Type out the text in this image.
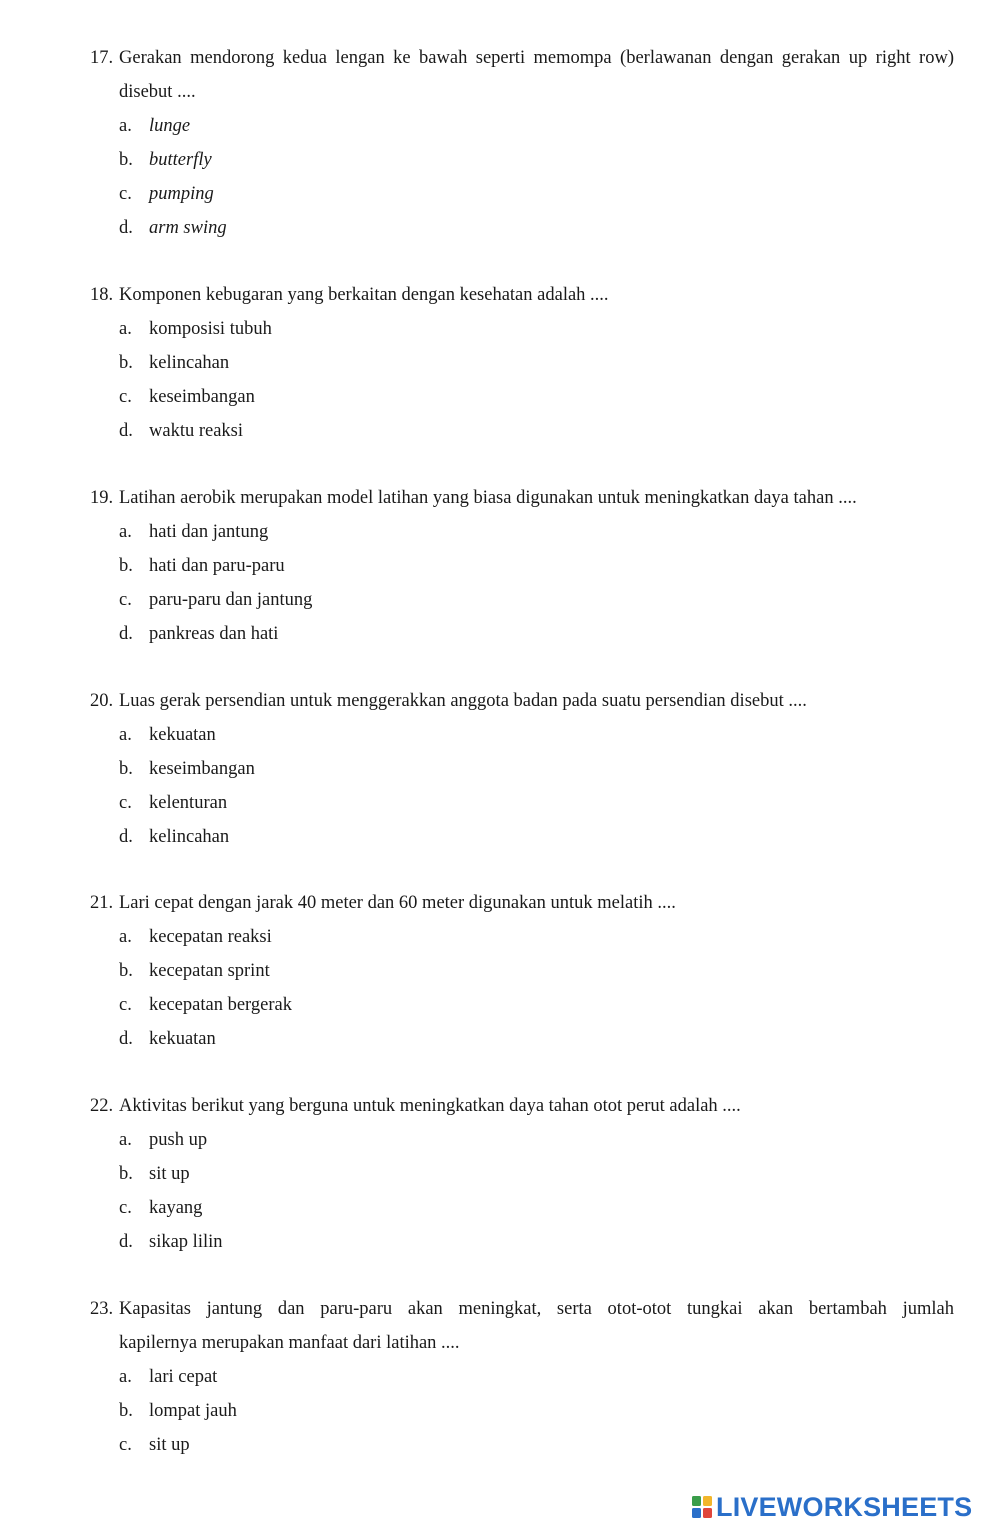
17. Gerakan mendorong kedua lengan ke bawah seperti memompa (berlawanan dengan gerakan up right row)
disebut ....
a. lunge
b. butterfly
c. pumping
d. arm swing
18. Komponen kebugaran yang berkaitan dengan kesehatan adalah ....
a. komposisi tubuh
b. kelincahan
c. keseimbangan
d. waktu reaksi
19. Latihan aerobik merupakan model latihan yang biasa digunakan untuk meningkatkan daya tahan ....
a. hati dan jantung
b. hati dan paru-paru
c. paru-paru dan jantung
d. pankreas dan hati
20. Luas gerak persendian untuk menggerakkan anggota badan pada suatu persendian disebut ....
a. kekuatan
b. keseimbangan
c. kelenturan
d. kelincahan
21. Lari cepat dengan jarak 40 meter dan 60 meter digunakan untuk melatih ....
a. kecepatan reaksi
b. kecepatan sprint
c. kecepatan bergerak
d. kekuatan
22. Aktivitas berikut yang berguna untuk meningkatkan daya tahan otot perut adalah ....
a. push up
b. sit up
c. kayang
d. sikap lilin
23. Kapasitas jantung dan paru-paru akan meningkat, serta otot-otot tungkai akan bertambah jumlah
kapilernya merupakan manfaat dari latihan ....
a. lari cepat
b. lompat jauh
c. sit up
LIVEWORKSHEETS
